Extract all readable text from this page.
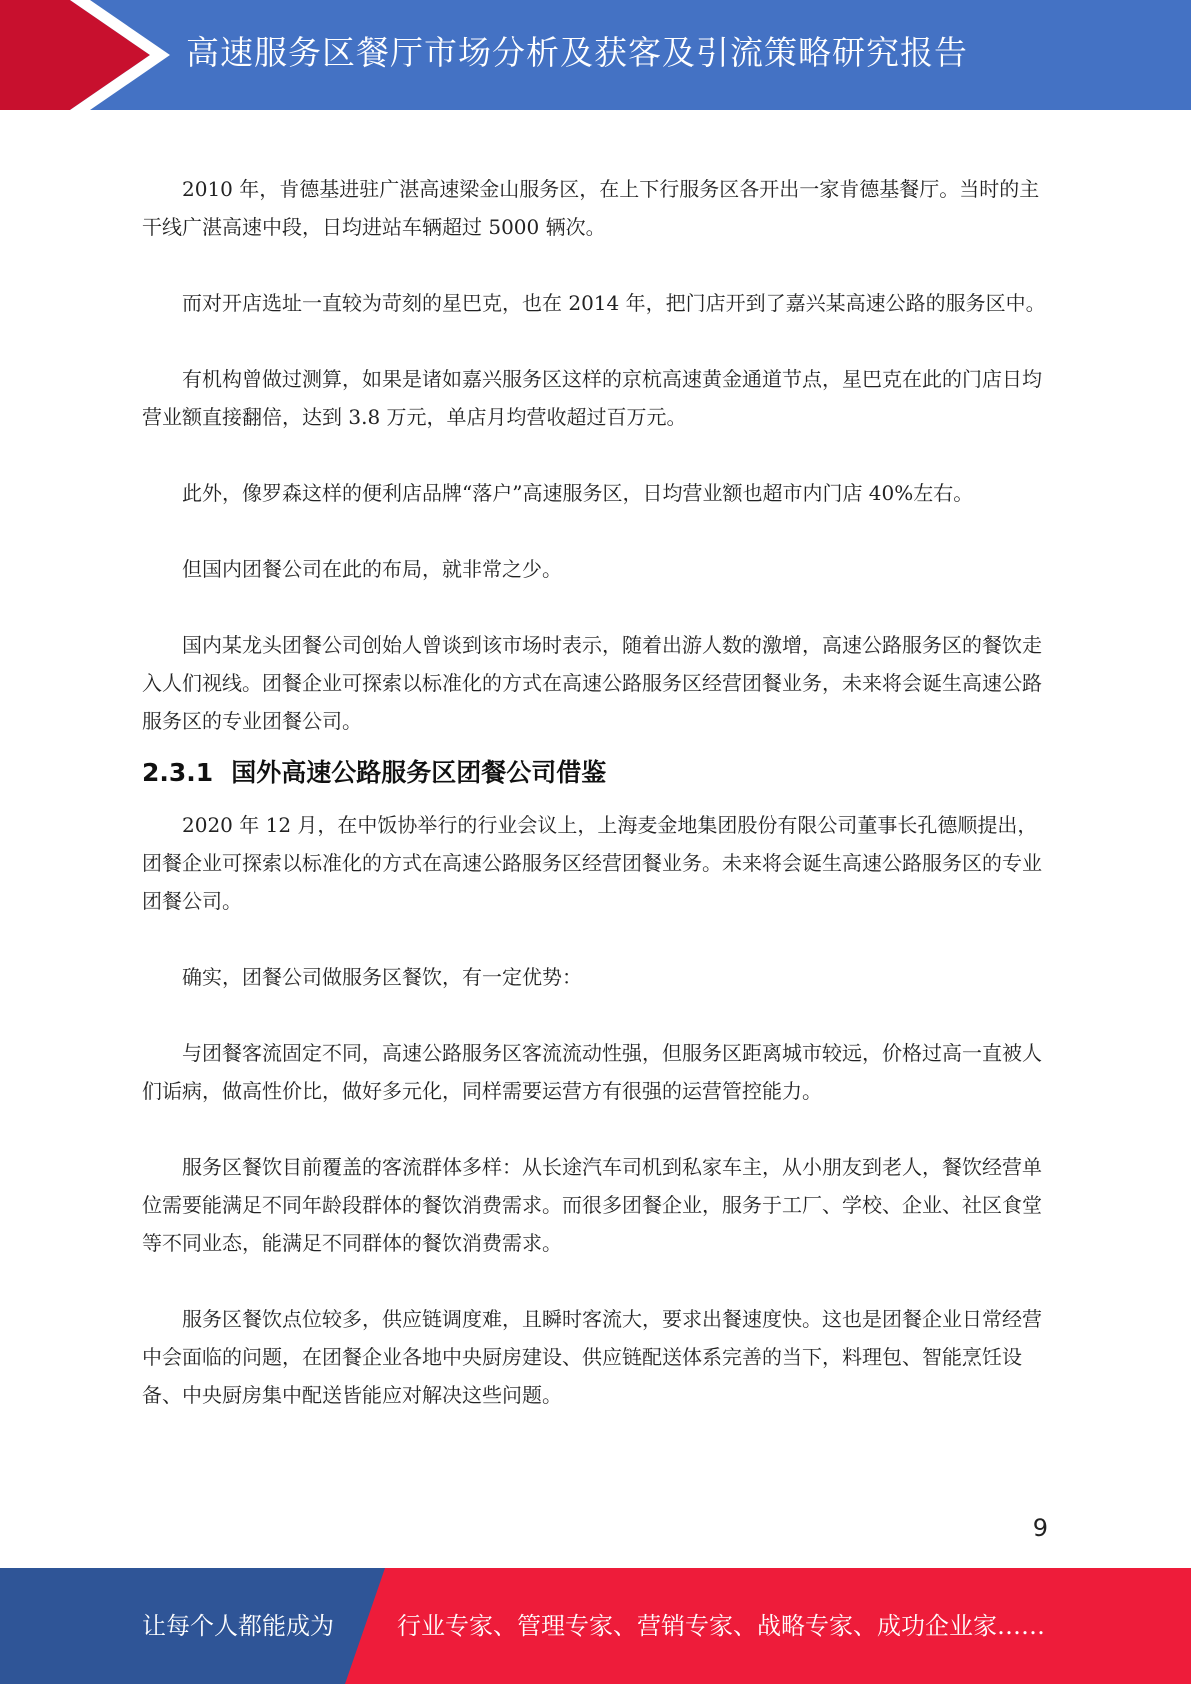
高速服务区餐厅市场分析及获客及引流策略研究报告

2010 年，肯德基进驻广湛高速梁金山服务区，在上下行服务区各开出一家肯德基餐厅。当时的主干线广湛高速中段，日均进站车辆超过 5000 辆次。

而对开店选址一直较为苛刻的星巴克，也在 2014 年，把门店开到了嘉兴某高速公路的服务区中。

有机构曾做过测算，如果是诸如嘉兴服务区这样的京杭高速黄金通道节点，星巴克在此的门店日均营业额直接翻倍，达到 3.8 万元，单店月均营收超过百万元。

此外，像罗森这样的便利店品牌“落户”高速服务区，日均营业额也超市内门店 40%左右。

但国内团餐公司在此的布局，就非常之少。

国内某龙头团餐公司创始人曾谈到该市场时表示，随着出游人数的激增，高速公路服务区的餐饮走入人们视线。团餐企业可探索以标准化的方式在高速公路服务区经营团餐业务，未来将会诞生高速公路服务区的专业团餐公司。

2.3.1 国外高速公路服务区团餐公司借鉴

2020 年 12 月，在中饭协举行的行业会议上，上海麦金地集团股份有限公司董事长孔德顺提出，团餐企业可探索以标准化的方式在高速公路服务区经营团餐业务。未来将会诞生高速公路服务区的专业团餐公司。

确实，团餐公司做服务区餐饮，有一定优势：

与团餐客流固定不同，高速公路服务区客流流动性强，但服务区距离城市较远，价格过高一直被人们诟病，做高性价比，做好多元化，同样需要运营方有很强的运营管控能力。

服务区餐饮目前覆盖的客流群体多样：从长途汽车司机到私家车主，从小朋友到老人，餐饮经营单位需要能满足不同年龄段群体的餐饮消费需求。而很多团餐企业，服务于工厂、学校、企业、社区食堂等不同业态，能满足不同群体的餐饮消费需求。

服务区餐饮点位较多，供应链调度难，且瞬时客流大，要求出餐速度快。这也是团餐企业日常经营中会面临的问题，在团餐企业各地中央厨房建设、供应链配送体系完善的当下，料理包、智能烹饪设备、中央厨房集中配送皆能应对解决这些问题。

9
让每个人都能成为	行业专家、管理专家、营销专家、战略专家、成功企业家……
